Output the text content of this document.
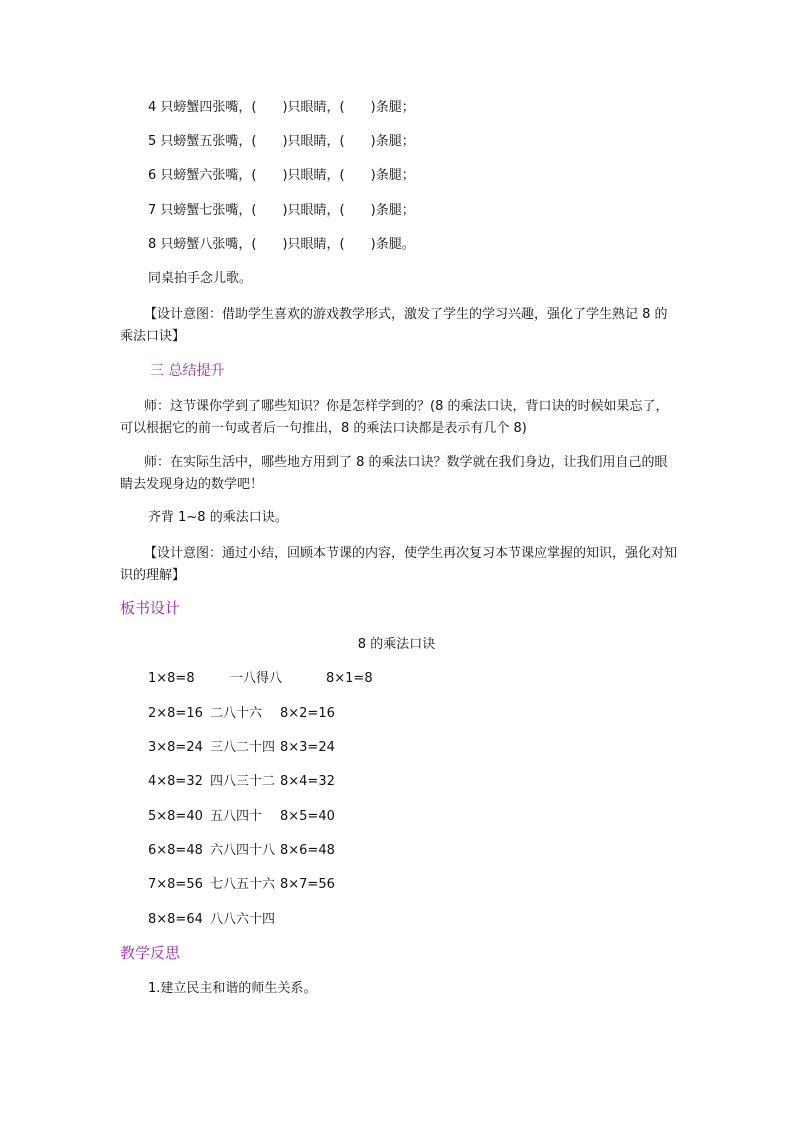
4 只螃蟹四张嘴，( )只眼睛，( )条腿；
5 只螃蟹五张嘴，( )只眼睛，( )条腿；
6 只螃蟹六张嘴，( )只眼睛，( )条腿；
7 只螃蟹七张嘴，( )只眼睛，( )条腿；
8 只螃蟹八张嘴，( )只眼睛，( )条腿。
同桌拍手念儿歌。
【设计意图：借助学生喜欢的游戏教学形式，激发了学生的学习兴趣，强化了学生熟记 8 的乘法口诀】
三 总结提升
师：这节课你学到了哪些知识？你是怎样学到的？(8 的乘法口诀，背口诀的时候如果忘了，可以根据它的前一句或者后一句推出，8 的乘法口诀都是表示有几个 8)
师：在实际生活中，哪些地方用到了 8 的乘法口诀？数学就在我们身边，让我们用自己的眼睛去发现身边的数学吧！
齐背 1~8 的乘法口诀。
【设计意图：通过小结，回顾本节课的内容，使学生再次复习本节课应掌握的知识，强化对知识的理解】
板书设计
8 的乘法口诀
1×8=8	一八得八	8×1=8
2×8=16 二八十六 8×2=16
3×8=24 三八二十四 8×3=24
4×8=32 四八三十二 8×4=32
5×8=40 五八四十 8×5=40
6×8=48 六八四十八 8×6=48
7×8=56 七八五十六 8×7=56
8×8=64 八八六十四
教学反思
1.建立民主和谐的师生关系。
